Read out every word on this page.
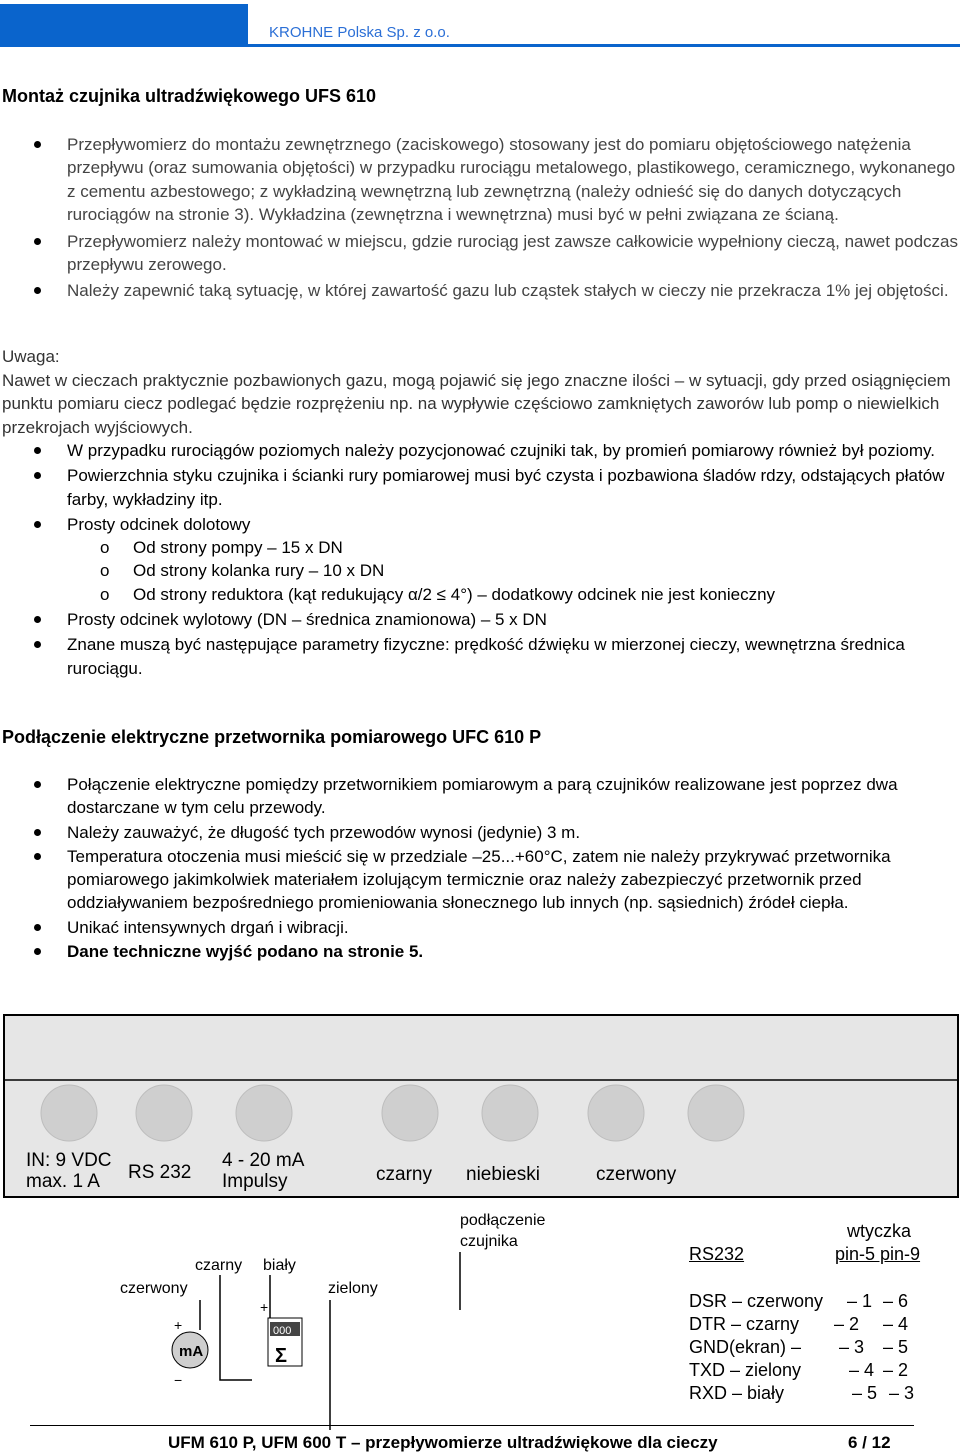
KROHNE Polska Sp. z o.o.
Montaż czujnika ultradźwiękowego UFS 610
Przepływomierz do montażu zewnętrznego (zaciskowego) stosowany jest do pomiaru objętościowego natężenia przepływu (oraz sumowania objętości) w przypadku rurociągu metalowego, plastikowego, ceramicznego, wykonanego z cementu azbestowego; z wykładziną wewnętrzną lub zewnętrzną (należy odnieść się do danych dotyczących rurociągów na stronie 3). Wykładzina (zewnętrzna i wewnętrzna) musi być w pełni związana ze ścianą.
Przepływomierz należy montować w miejscu, gdzie rurociąg jest zawsze całkowicie wypełniony cieczą, nawet podczas przepływu zerowego.
Należy zapewnić taką sytuację, w której zawartość gazu lub cząstek stałych w cieczy nie przekracza 1% jej objętości.
Uwaga:
Nawet w cieczach praktycznie pozbawionych gazu, mogą pojawić się jego znaczne ilości – w sytuacji, gdy przed osiągnięciem punktu pomiaru ciecz podlegać będzie rozprężeniu np. na wypływie częściowo zamkniętych zaworów lub pomp o niewielkich przekrojach wyjściowych.
W przypadku rurociągów poziomych należy pozycjonować czujniki tak, by promień pomiarowy również był poziomy.
Powierzchnia styku czujnika i ścianki rury pomiarowej musi być czysta i pozbawiona śladów rdzy, odstających płatów farby, wykładziny itp.
Prosty odcinek dolotowy
o Od strony pompy – 15 x DN
o Od strony kolanka rury – 10 x DN
o Od strony reduktora (kąt redukujący α/2 ≤ 4°) – dodatkowy odcinek nie jest konieczny
Prosty odcinek wylotowy (DN – średnica znamionowa) – 5 x DN
Znane muszą być następujące parametry fizyczne: prędkość dźwięku w mierzonej cieczy, wewnętrzna średnica rurociągu.
Podłączenie elektryczne przetwornika pomiarowego UFC 610 P
Połączenie elektryczne pomiędzy przetwornikiem pomiarowym a parą czujników realizowane jest poprzez dwa dostarczane w tym celu przewody.
Należy zauważyć, że długość tych przewodów wynosi (jedynie) 3 m.
Temperatura otoczenia musi mieścić się w przedziale –25...+60°C, zatem nie należy przykrywać przetwornika pomiarowego jakimkolwiek materiałem izolującym termicznie oraz należy zabezpieczyć przetwornik przed oddziaływaniem bezpośredniego promieniowania słonecznego lub innych (np. sąsiednich) źródeł ciepła.
Unikać intensywnych drgań i wibracji.
Dane techniczne wyjść podano na stronie 5.
IN: 9 VDC
max. 1 A RS 232
4 - 20 mA
Impulsy	czarny niebieski	czerwony
podłączenie
czujnika
czarny biały
czerwony	zielony
mA
+
−
000
Σ
+
wtyczka
RS232	pin-5 pin-9
DSR – czerwony – 1 – 6
DTR – czarny – 2 – 4
GND(ekran) – – 3 – 5
TXD – zielony	– 4 – 2
RXD – biały	– 5 – 3
UFM 610 P, UFM 600 T – przepływomierze ultradźwiękowe dla cieczy	6 / 12
